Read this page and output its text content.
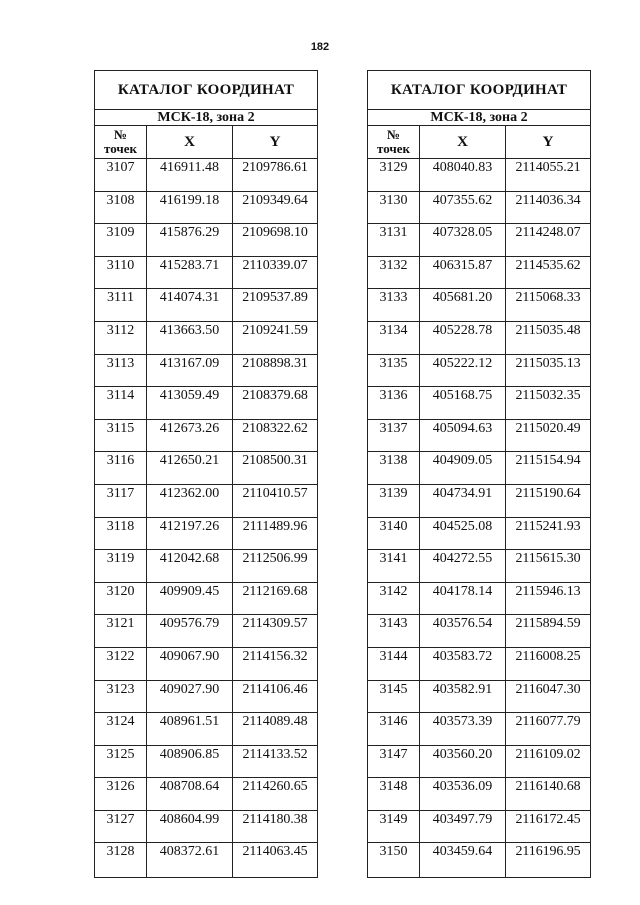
182
КАТАЛОГ КООРДИНАТ		
МСК-18, зона 2		
№
точек	X	Y
3107	416911.48	2109786.61
3108	416199.18	2109349.64
3109	415876.29	2109698.10
3110	415283.71	2110339.07
3111	414074.31	2109537.89
3112	413663.50	2109241.59
3113	413167.09	2108898.31
3114	413059.49	2108379.68
3115	412673.26	2108322.62
3116	412650.21	2108500.31
3117	412362.00	2110410.57
3118	412197.26	2111489.96
3119	412042.68	2112506.99
3120	409909.45	2112169.68
3121	409576.79	2114309.57
3122	409067.90	2114156.32
3123	409027.90	2114106.46
3124	408961.51	2114089.48
3125	408906.85	2114133.52
3126	408708.64	2114260.65
3127	408604.99	2114180.38
3128	408372.61	2114063.45
КАТАЛОГ КООРДИНАТ		
МСК-18, зона 2		
№
точек	X	Y
3129	408040.83	2114055.21
3130	407355.62	2114036.34
3131	407328.05	2114248.07
3132	406315.87	2114535.62
3133	405681.20	2115068.33
3134	405228.78	2115035.48
3135	405222.12	2115035.13
3136	405168.75	2115032.35
3137	405094.63	2115020.49
3138	404909.05	2115154.94
3139	404734.91	2115190.64
3140	404525.08	2115241.93
3141	404272.55	2115615.30
3142	404178.14	2115946.13
3143	403576.54	2115894.59
3144	403583.72	2116008.25
3145	403582.91	2116047.30
3146	403573.39	2116077.79
3147	403560.20	2116109.02
3148	403536.09	2116140.68
3149	403497.79	2116172.45
3150	403459.64	2116196.95
